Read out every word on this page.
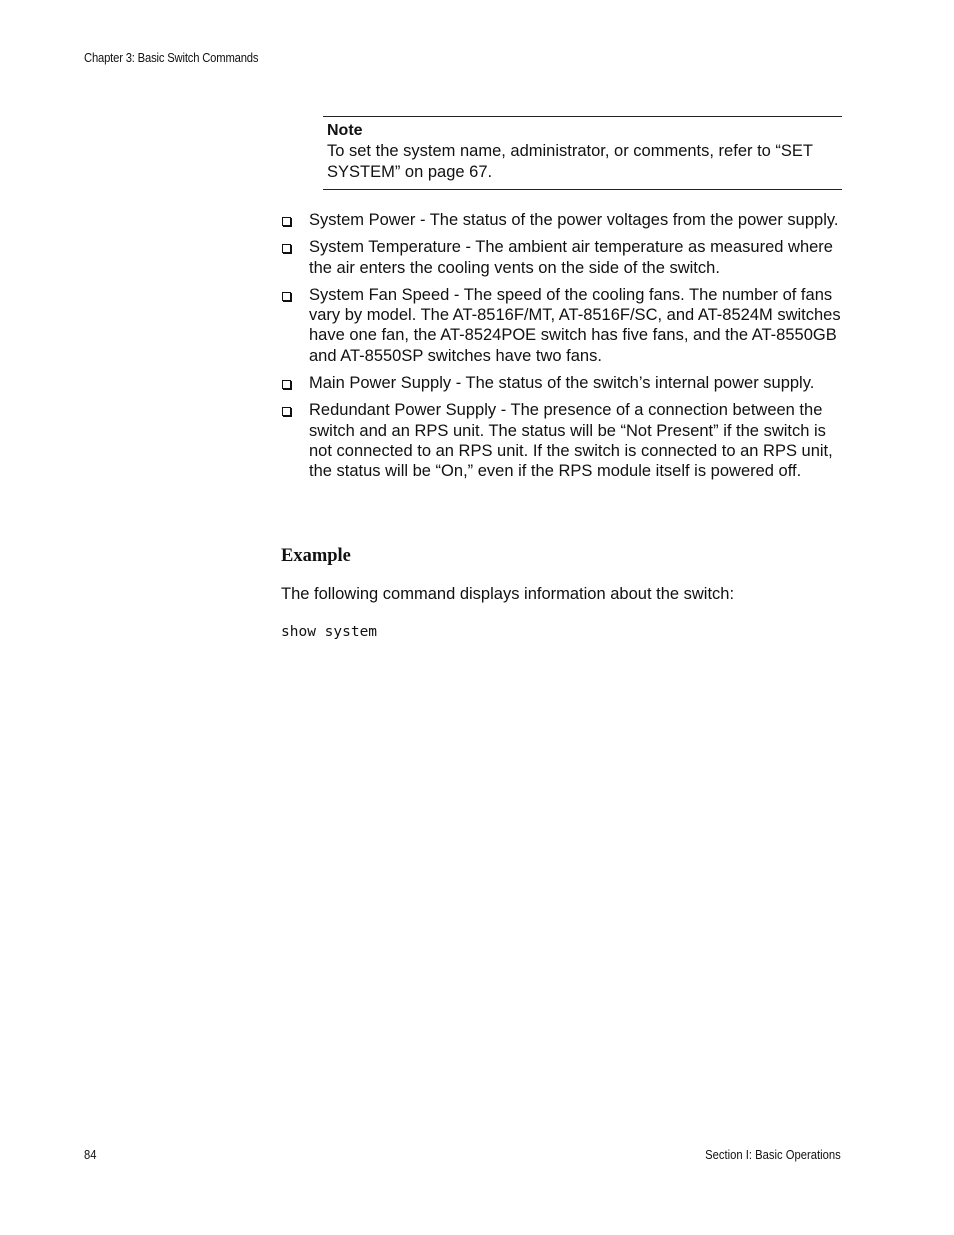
Chapter 3: Basic Switch Commands
Note
To set the system name, administrator, or comments, refer to “SET SYSTEM” on page 67.
System Power - The status of the power voltages from the power supply.
System Temperature - The ambient air temperature as measured where the air enters the cooling vents on the side of the switch.
System Fan Speed - The speed of the cooling fans. The number of fans vary by model. The AT-8516F/MT, AT-8516F/SC, and AT-8524M switches have one fan, the AT-8524POE switch has five fans, and the AT-8550GB and AT-8550SP switches have two fans.
Main Power Supply - The status of the switch’s internal power supply.
Redundant Power Supply - The presence of a connection between the switch and an RPS unit. The status will be “Not Present” if the switch is not connected to an RPS unit. If the switch is connected to an RPS unit, the status will be “On,” even if the RPS module itself is powered off.
Example
The following command displays information about the switch:
show system
84	Section I: Basic Operations
